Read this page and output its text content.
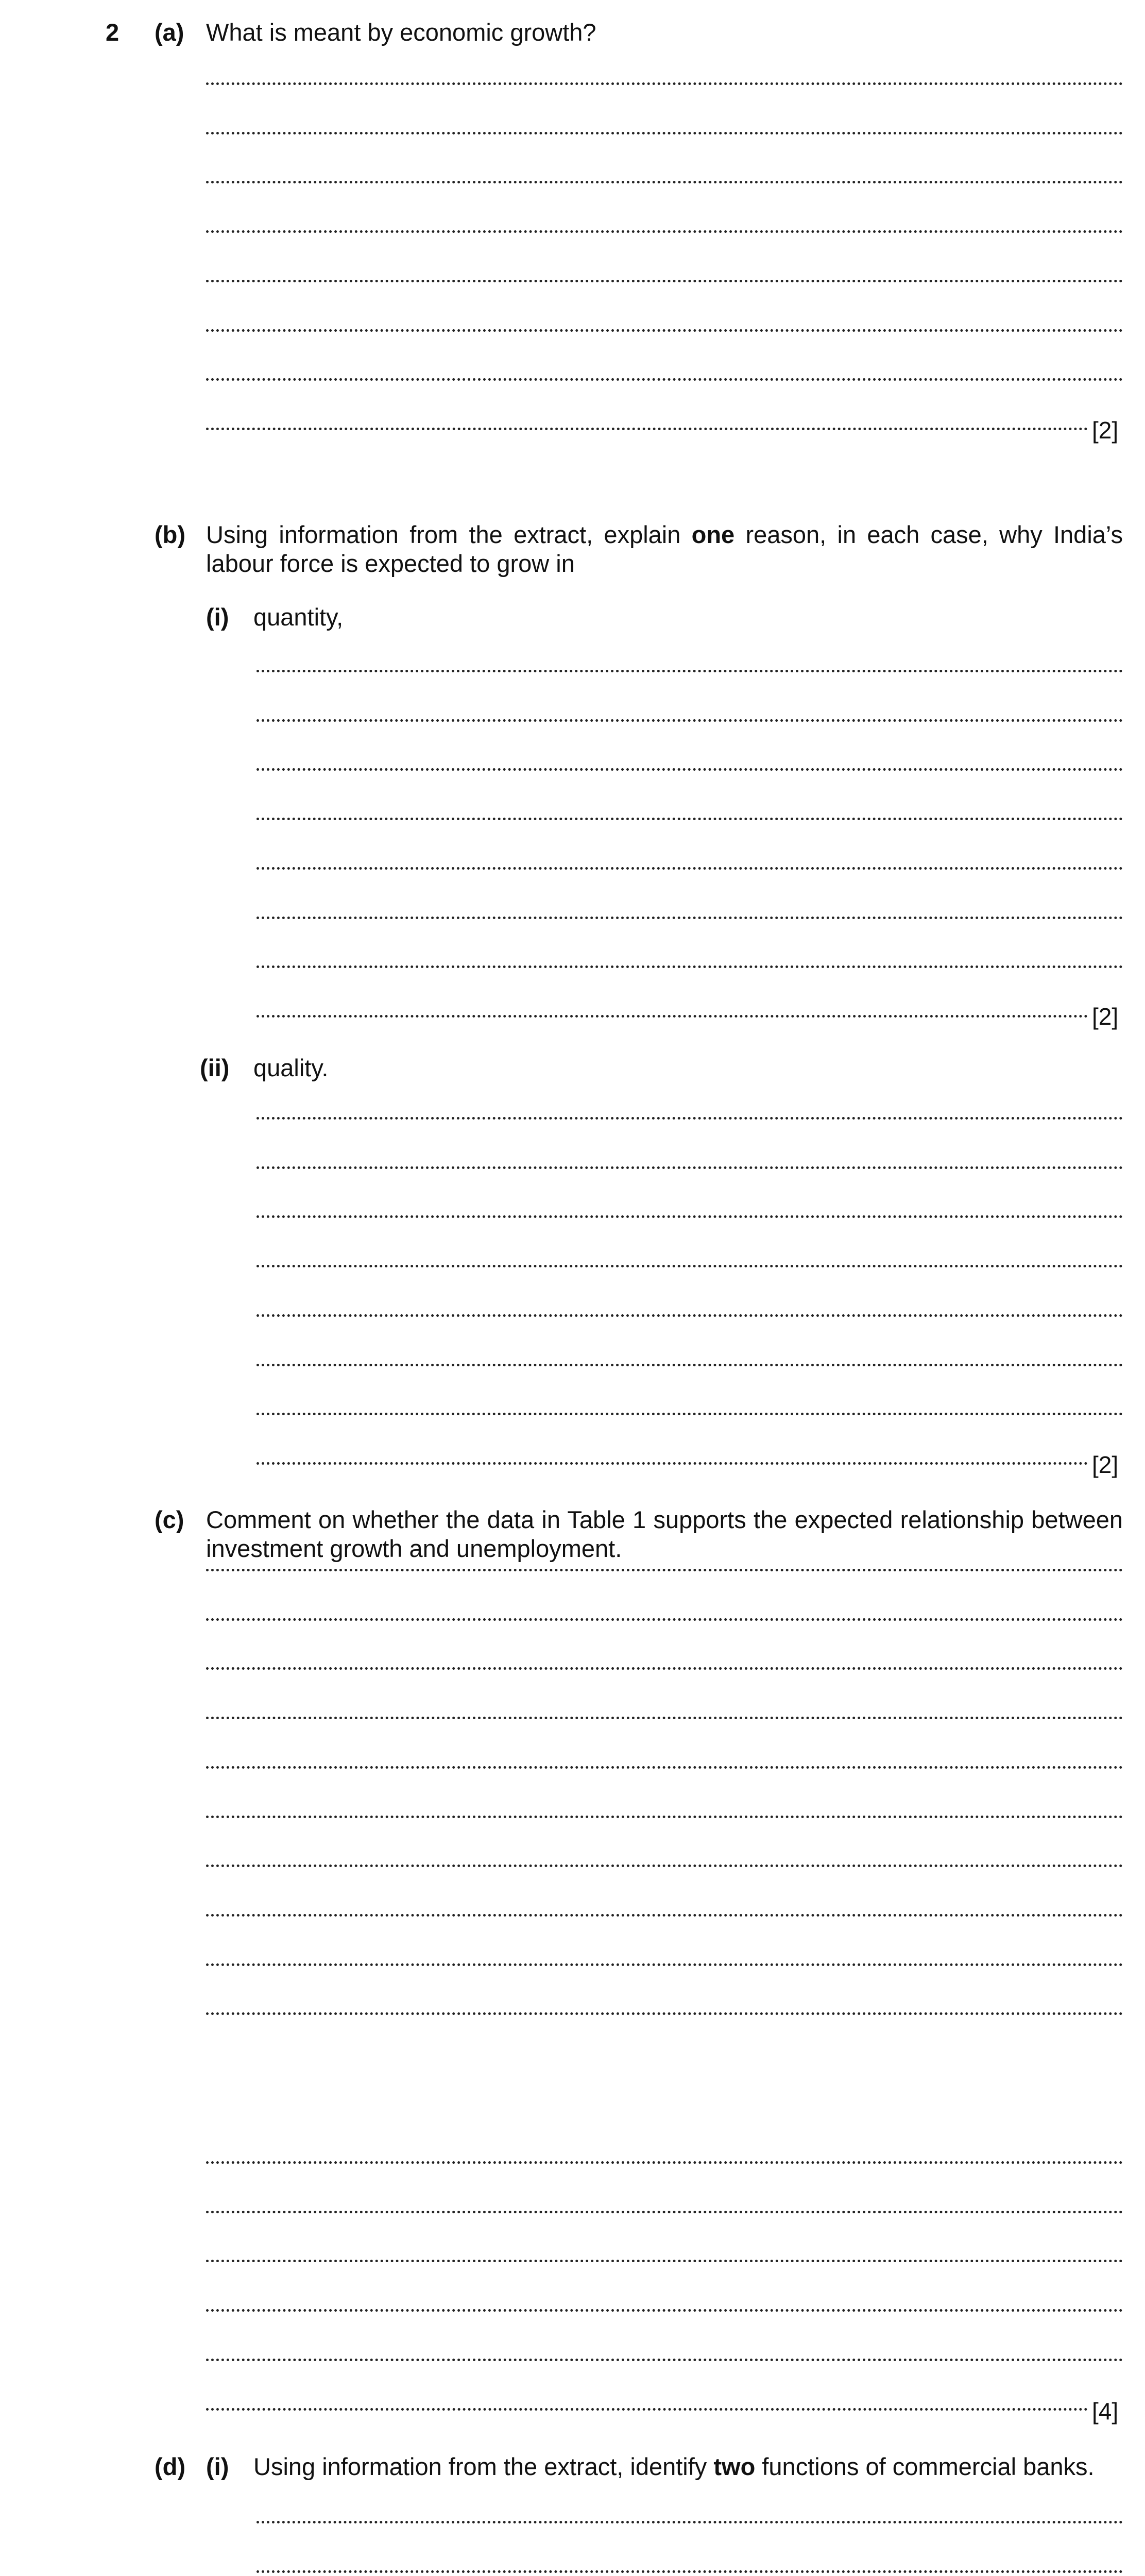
2 (a) What is meant by economic growth?
[2]
(b) Using information from the extract, explain one reason, in each case, why India’s labour force is expected to grow in
(i) quantity,
[2]
(ii) quality.
[2]
(c) Comment on whether the data in Table 1 supports the expected relationship between investment growth and unemployment.
[4]
(d) (i) Using information from the extract, identify two functions of commercial banks.
